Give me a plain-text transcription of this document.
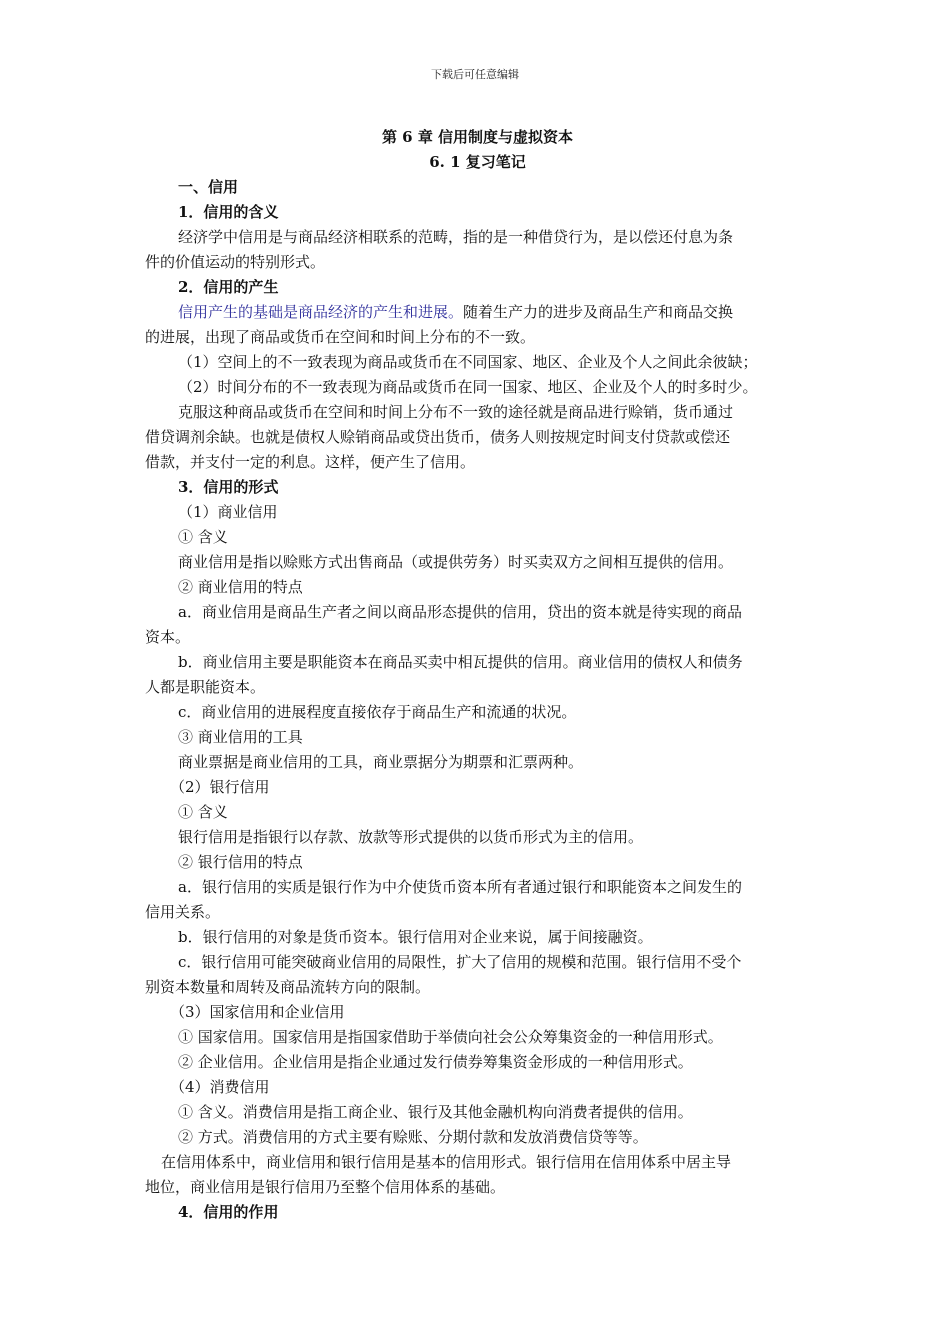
下载后可任意编辑
第 6 章 信用制度与虚拟资本
6. 1 复习笔记
一、信用
1．信用的含义
经济学中信用是与商品经济相联系的范畴，指的是一种借贷行为，是以偿还付息为条
件的价值运动的特别形式。
2．信用的产生
信用产生的基础是商品经济的产生和进展。随着生产力的进步及商品生产和商品交换
的进展，出现了商品或货币在空间和时间上分布的不一致。
（1）空间上的不一致表现为商品或货币在不同国家、地区、企业及个人之间此余彼缺；
（2）时间分布的不一致表现为商品或货币在同一国家、地区、企业及个人的时多时少。
克服这种商品或货币在空间和时间上分布不一致的途径就是商品进行赊销，货币通过
借贷调剂余缺。也就是债权人赊销商品或贷出货币，债务人则按规定时间支付贷款或偿还
借款，并支付一定的利息。这样，便产生了信用。
3．信用的形式
（1）商业信用
① 含义
商业信用是指以赊账方式出售商品（或提供劳务）时买卖双方之间相互提供的信用。
② 商业信用的特点
a．商业信用是商品生产者之间以商品形态提供的信用，贷出的资本就是待实现的商品
资本。
b．商业信用主要是职能资本在商品买卖中相瓦提供的信用。商业信用的债权人和债务
人都是职能资本。
c．商业信用的进展程度直接依存于商品生产和流通的状况。
③ 商业信用的工具
商业票据是商业信用的工具，商业票据分为期票和汇票两种。
（2）银行信用
① 含义
银行信用是指银行以存款、放款等形式提供的以货币形式为主的信用。
② 银行信用的特点
a．银行信用的实质是银行作为中介使货币资本所有者通过银行和职能资本之间发生的
信用关系。
b．银行信用的对象是货币资本。银行信用对企业来说，属于间接融资。
c．银行信用可能突破商业信用的局限性，扩大了信用的规模和范围。银行信用不受个
别资本数量和周转及商品流转方向的限制。
（3）国家信用和企业信用
① 国家信用。国家信用是指国家借助于举债向社会公众筹集资金的一种信用形式。
② 企业信用。企业信用是指企业通过发行债券筹集资金形成的一种信用形式。
（4）消费信用
① 含义。消费信用是指工商企业、银行及其他金融机构向消费者提供的信用。
② 方式。消费信用的方式主要有赊账、分期付款和发放消费信贷等等。
在信用体系中，商业信用和银行信用是基本的信用形式。银行信用在信用体系中居主导
地位，商业信用是银行信用乃至整个信用体系的基础。
4．信用的作用
